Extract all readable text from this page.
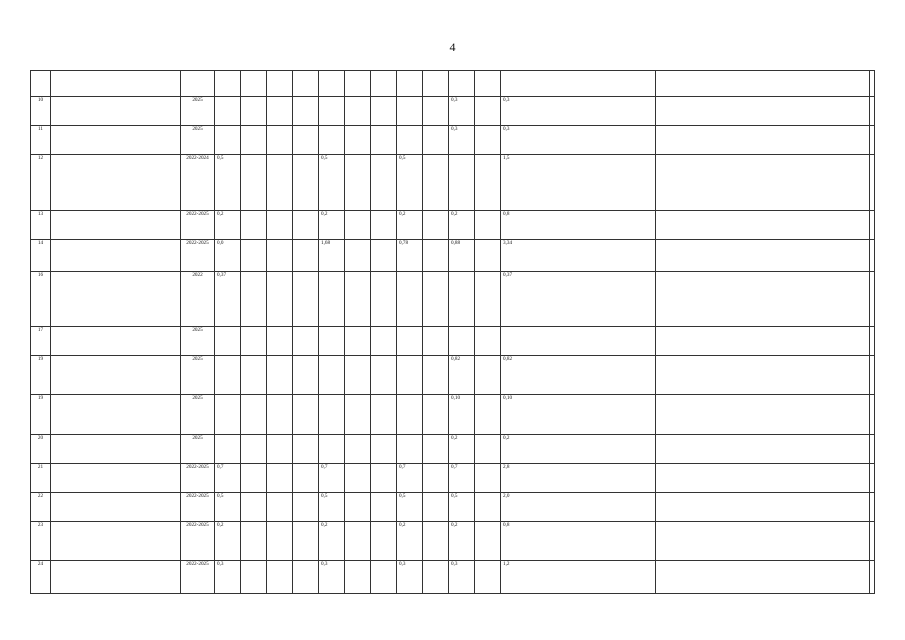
4

10		2025										0,3		0,3		
11		2025										0,3		0,3		
12		2022-2024	0,5				0,5			0,5				1,5		
13		2022-2025	0,2				0,2			0,2		0,2		0,8		
14		2022-2025	0,0				1,68			0,78		0,88		3,34		
16		2022	0,37											0,37		
17		2025														
19		2025										0,82		0,82		
19		2025										0,10		0,10		
20		2025										0,2		0,2		
21		2022-2025	0,7				0,7			0,7		0,7		2,8		
22		2022-2025	0,5				0,5			0,5		0,5		2,0		
23		2022-2025	0,2				0,2			0,2		0,2		0,8		
24		2022-2025	0,3				0,3			0,3		0,3		1,2		
